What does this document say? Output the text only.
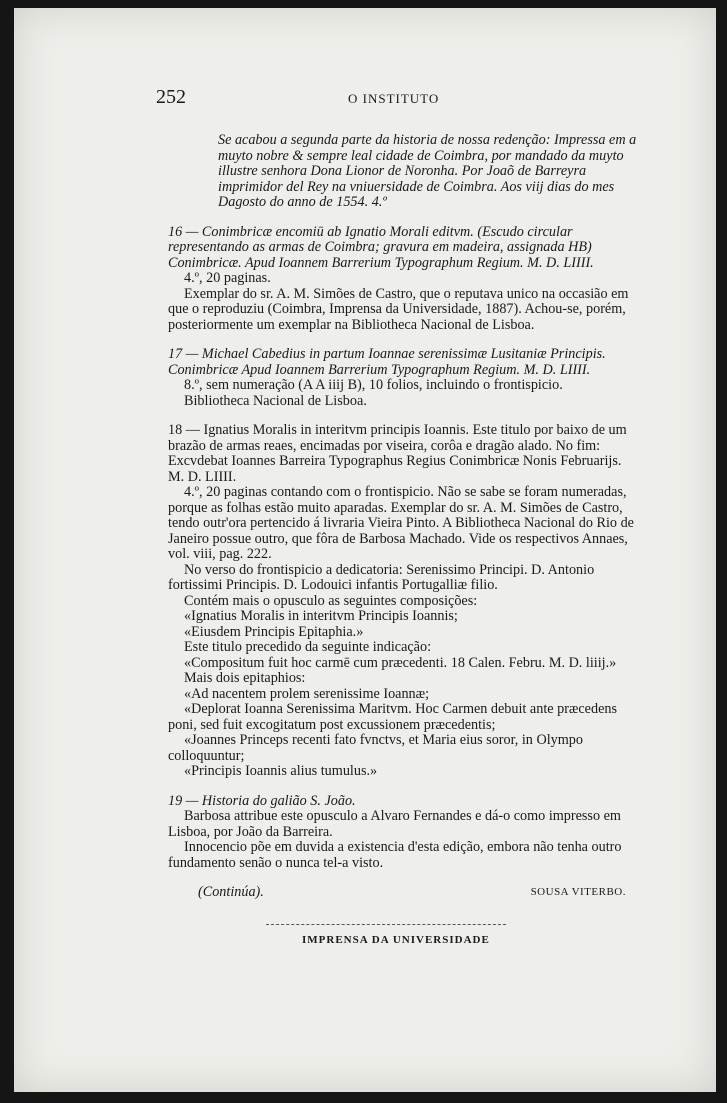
252	O INSTITUTO
Se acabou a segunda parte da historia de nossa redenção: Impressa em a muyto nobre & sempre leal cidade de Coimbra, por mandado da muyto illustre senhora Dona Lionor de Noronha. Por Joaõ de Barreyra imprimidor del Rey na vniuersidade de Coimbra. Aos viij dias do mes Dagosto do anno de 1554. 4.º
16 — Conimbricæ encomiū ab Ignatio Morali editvm. (Escudo circular representando as armas de Coimbra; gravura em madeira, assignada HB) Conimbricæ. Apud Ioannem Barrerium Typographum Regium. M. D. LIIII.
4.º, 20 paginas.
Exemplar do sr. A. M. Simões de Castro, que o reputava unico na occasião em que o reproduziu (Coimbra, Imprensa da Universidade, 1887). Achou-se, porém, posteriormente um exemplar na Bibliotheca Nacional de Lisboa.
17 — Michael Cabedius in partum Ioannae serenissimæ Lusitaniæ Principis. Conimbricæ Apud Ioannem Barrerium Typographum Regium. M. D. LIIII.
8.º, sem numeração (A A iiij B), 10 folios, incluindo o frontispicio.
Bibliotheca Nacional de Lisboa.
18 — Ignatius Moralis in interitvm principis Ioannis. Este titulo por baixo de um brazão de armas reaes, encimadas por viseira, corôa e dragão alado. No fim: Excvdebat Ioannes Barreira Typographus Regius Conimbricæ Nonis Februarijs. M. D. LIIII.
4.º, 20 paginas contando com o frontispicio. Não se sabe se foram numeradas, porque as folhas estão muito aparadas. Exemplar do sr. A. M. Simões de Castro, tendo outr'ora pertencido á livraria Vieira Pinto. A Bibliotheca Nacional do Rio de Janeiro possue outro, que fôra de Barbosa Machado. Vide os respectivos Annaes, vol. viii, pag. 222.
No verso do frontispicio a dedicatoria: Serenissimo Principi. D. Antonio fortissimi Principis. D. Lodouici infantis Portugalliæ filio.
Contém mais o opusculo as seguintes composições:
«Ignatius Moralis in interitvm Principis Ioannis;
«Eiusdem Principis Epitaphia.»
Este titulo precedido da seguinte indicação:
«Compositum fuit hoc carmē cum præcedenti. 18 Calen. Febru. M. D. liiij.»
Mais dois epitaphios:
«Ad nacentem prolem serenissime Ioannæ;
«Deplorat Ioanna Serenissima Maritvm. Hoc Carmen debuit ante præcedens poni, sed fuit excogitatum post excussionem præcedentis;
«Joannes Princeps recenti fato fvnctvs, et Maria eius soror, in Olympo colloquuntur;
«Principis Ioannis alius tumulus.»
19 — Historia do galião S. João.
Barbosa attribue este opusculo a Alvaro Fernandes e dá-o como impresso em Lisboa, por João da Barreira.
Innocencio põe em duvida a existencia d'esta edição, embora não tenha outro fundamento senão o nunca tel-a visto.
(Continúa).	SOUSA VITERBO.
IMPRENSA DA UNIVERSIDADE
